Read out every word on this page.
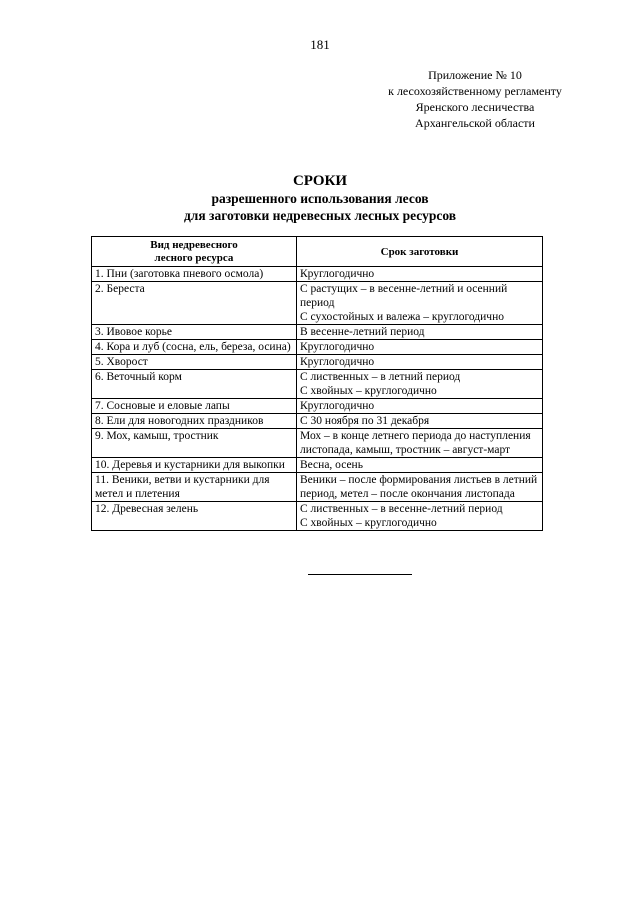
181
Приложение № 10
к лесохозяйственному регламенту
Яренского лесничества
Архангельской области
СРОКИ
разрешенного использования лесов
для заготовки недревесных лесных ресурсов
Вид недревесного
лесного ресурса	Срок заготовки
1. Пни (заготовка пневого осмола)	Круглогодично

2. Береста	С растущих – в весенне-летний и осенний период
С сухостойных и валежа – круглогодично

3. Ивовое корье	В весенне-летний период

4. Кора и луб (сосна, ель, береза, осина)	Круглогодично

5. Хворост	Круглогодично

6. Веточный корм	С лиственных – в летний период
С хвойных – круглогодично

7. Сосновые и еловые лапы	Круглогодично

8. Ели для новогодних праздников	С 30 ноября по 31 декабря

9. Мох, камыш, тростник	Мох – в конце летнего периода до наступления листопада, камыш, тростник – август-март

10. Деревья и кустарники для выкопки	Весна, осень

11. Веники, ветви и кустарники для метел и плетения	Веники – после формирования листьев в летний период, метел – после окончания листопада

12. Древесная зелень	С лиственных – в весенне-летний период
С хвойных – круглогодично
